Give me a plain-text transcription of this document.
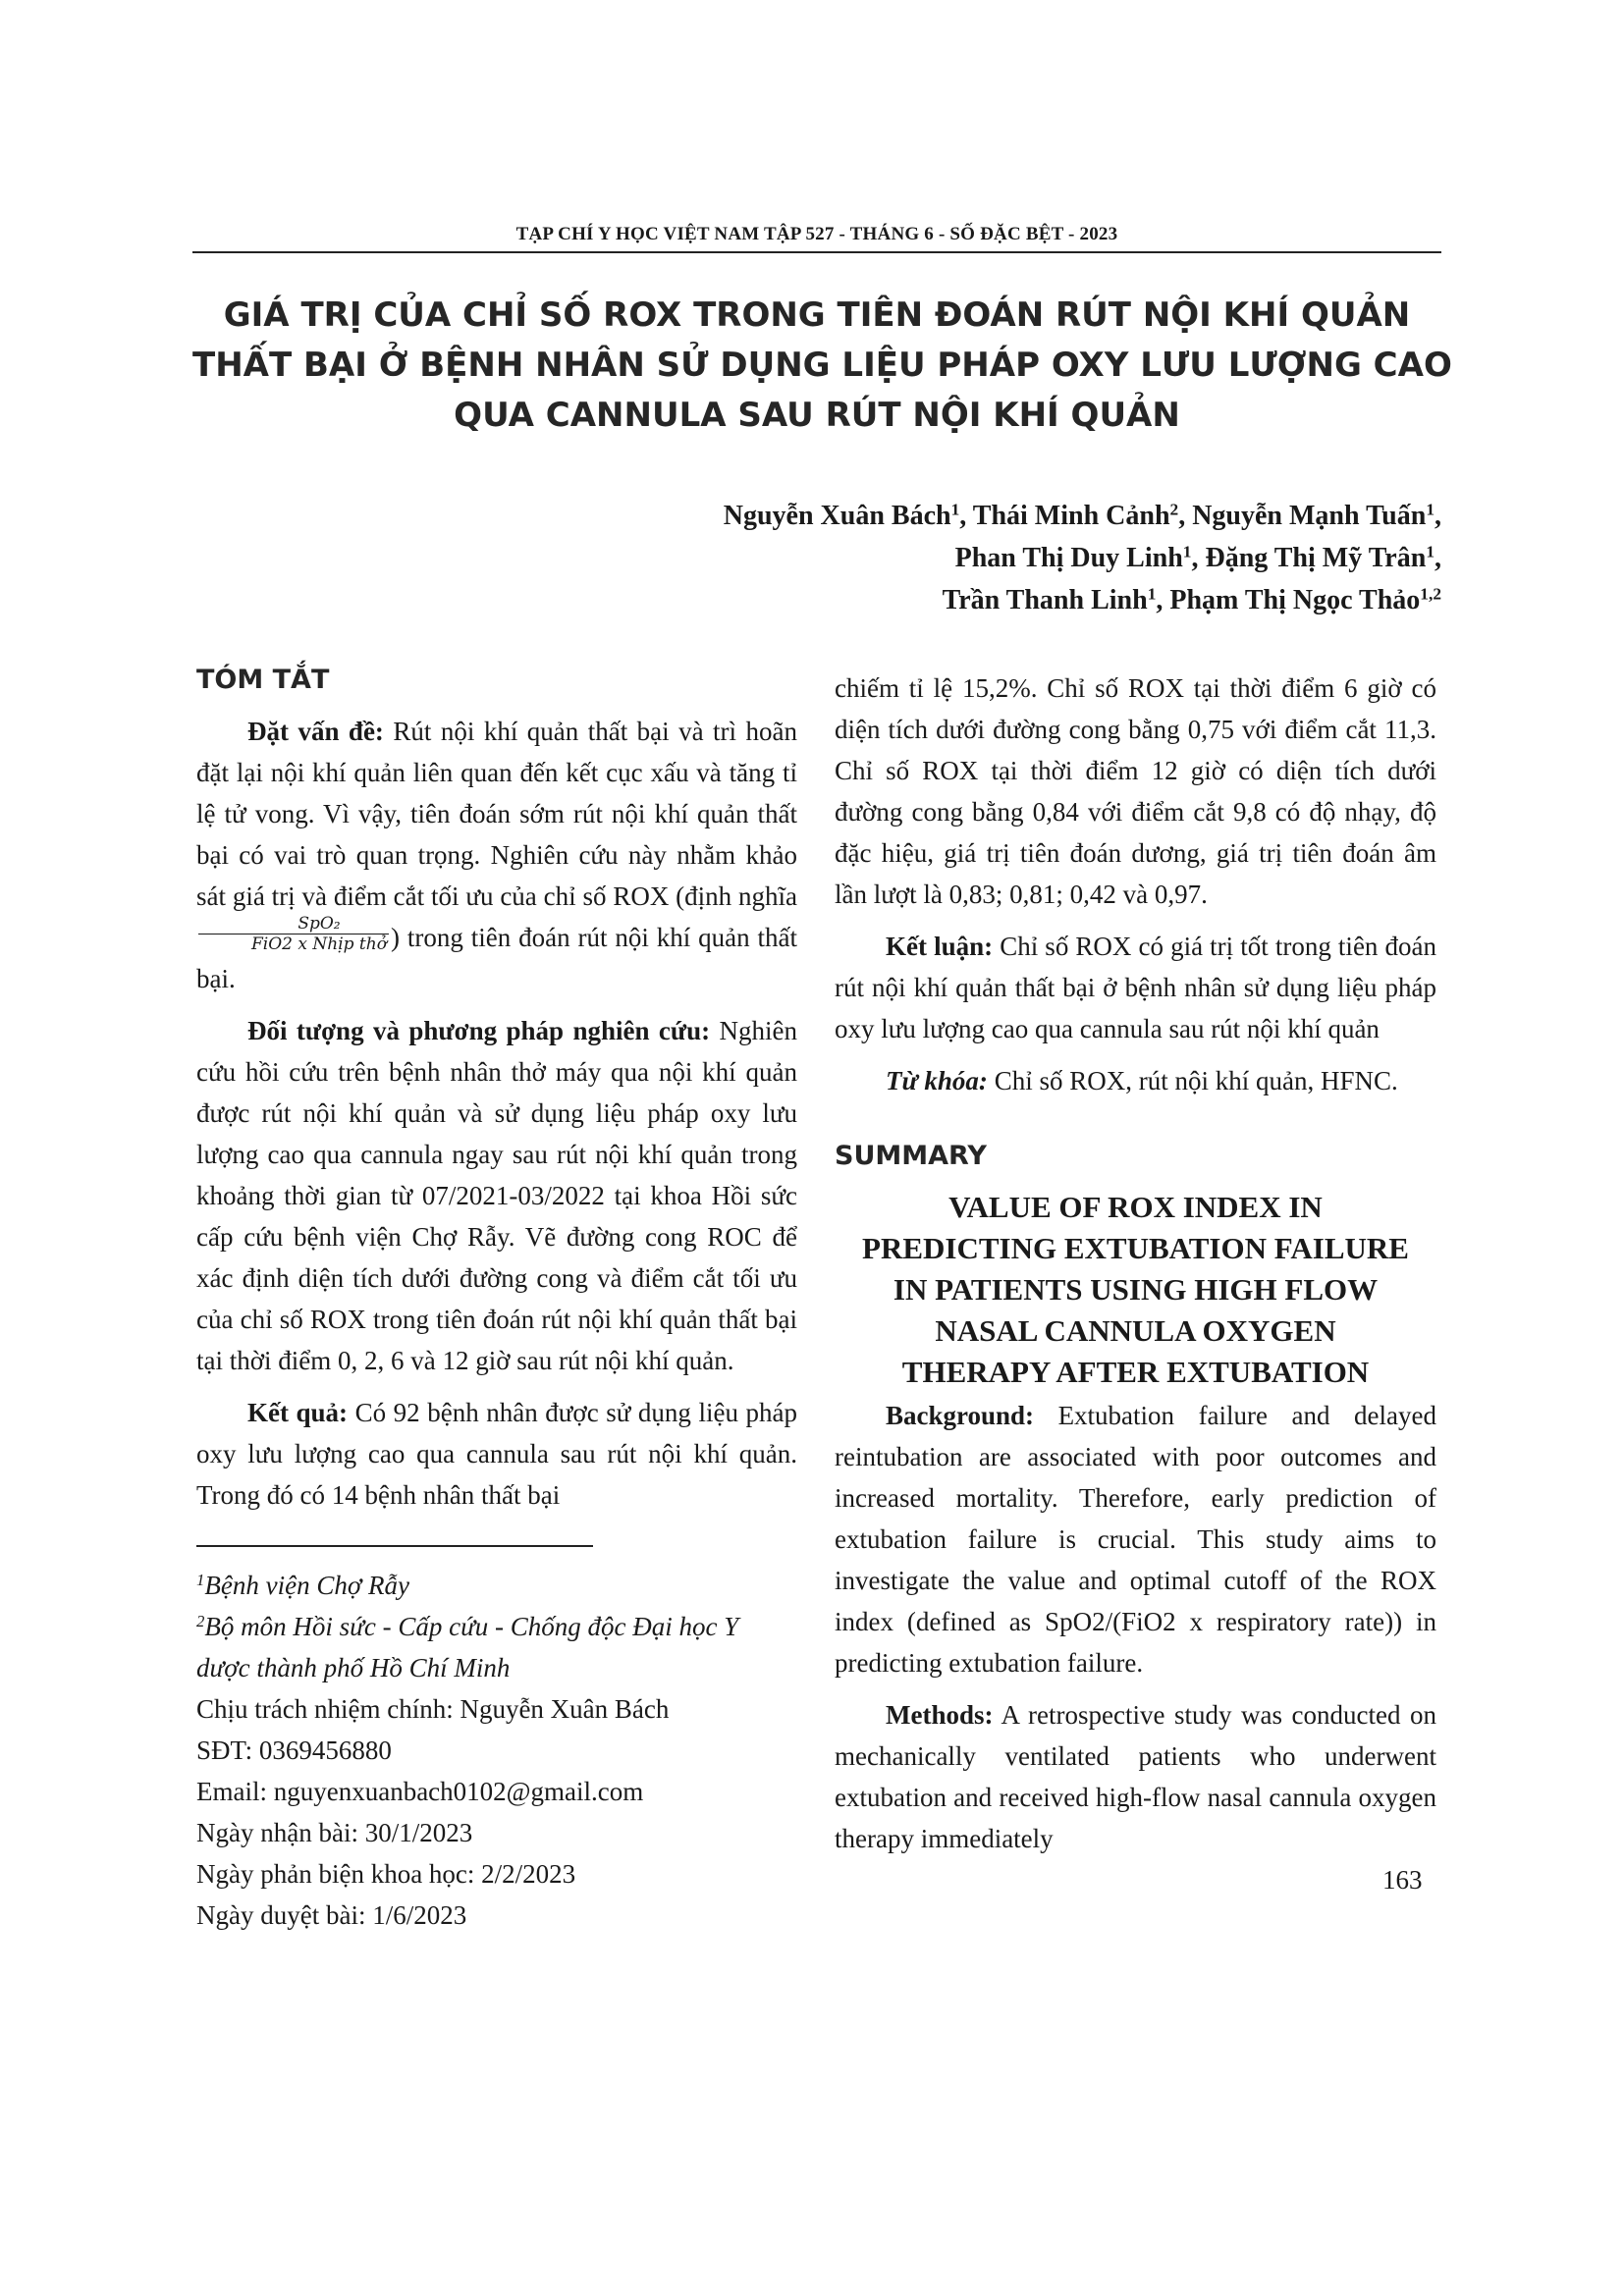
TẠP CHÍ Y HỌC VIỆT NAM TẬP 527 - THÁNG 6 - SỐ ĐẶC BỆT - 2023
GIÁ TRỊ CỦA CHỈ SỐ ROX TRONG TIÊN ĐOÁN RÚT NỘI KHÍ QUẢN
THẤT BẠI Ở BỆNH NHÂN SỬ DỤNG LIỆU PHÁP OXY LƯU LƯỢNG CAO
QUA CANNULA SAU RÚT NỘI KHÍ QUẢN
Nguyễn Xuân Bách$^1$, Thái Minh Cảnh$^2$, Nguyễn Mạnh Tuấn$^1$,
Phan Thị Duy Linh$^1$, Đặng Thị Mỹ Trân$^1$,
Trần Thanh Linh$^1$, Phạm Thị Ngọc Thảo$^{1,2}$
TÓM TẮT

Đặt vấn đề: Rút nội khí quản thất bại và trì hoãn đặt lại nội khí quản liên quan đến kết cục xấu và tăng tỉ lệ tử vong. Vì vậy, tiên đoán sớm rút nội khí quản thất bại có vai trò quan trọng. Nghiên cứu này nhằm khảo sát giá trị và điểm cắt tối ưu của chỉ số ROX (định nghĩa
$\frac{\text{SpO₂}}{\text{FiO2 x Nhịp thở}}$ ) trong tiên đoán rút nội khí quản thất bại.

Đối tượng và phương pháp nghiên cứu: Nghiên cứu hồi cứu trên bệnh nhân thở máy qua nội khí quản được rút nội khí quản và sử dụng liệu pháp oxy lưu lượng cao qua cannula ngay sau rút nội khí quản trong khoảng thời gian từ 07/2021-03/2022 tại khoa Hồi sức cấp cứu bệnh viện Chợ Rẫy. Vẽ đường cong ROC để xác định diện tích dưới đường cong và điểm cắt tối ưu của chỉ số ROX trong tiên đoán rút nội khí quản thất bại tại thời điểm 0, 2, 6 và 12 giờ sau rút nội khí quản.

Kết quả: Có 92 bệnh nhân được sử dụng liệu pháp oxy lưu lượng cao qua cannula sau rút nội khí quản. Trong đó có 14 bệnh nhân thất bại

$^1$Bệnh viện Chợ Rẫy

$^2$Bộ môn Hồi sức - Cấp cứu - Chống độc Đại học Y dược thành phố Hồ Chí Minh

Chịu trách nhiệm chính: Nguyễn Xuân Bách

SĐT: 0369456880

Email: nguyenxuanbach0102@gmail.com

Ngày nhận bài: 30/1/2023

Ngày phản biện khoa học: 2/2/2023

Ngày duyệt bài: 1/6/2023

chiếm tỉ lệ 15,2%. Chỉ số ROX tại thời điểm 6 giờ có diện tích dưới đường cong bằng 0,75 với điểm cắt 11,3. Chỉ số ROX tại thời điểm 12 giờ có diện tích dưới đường cong bằng 0,84 với điểm cắt 9,8 có độ nhạy, độ đặc hiệu, giá trị tiên đoán dương, giá trị tiên đoán âm lần lượt là 0,83; 0,81; 0,42 và 0,97.

Kết luận: Chỉ số ROX có giá trị tốt trong tiên đoán rút nội khí quản thất bại ở bệnh nhân sử dụng liệu pháp oxy lưu lượng cao qua cannula sau rút nội khí quản

Từ khóa: Chỉ số ROX, rút nội khí quản, HFNC.

SUMMARY
VALUE OF ROX INDEX IN
PREDICTING EXTUBATION FAILURE
IN PATIENTS USING HIGH FLOW
NASAL CANNULA OXYGEN
THERAPY AFTER EXTUBATION

Background: Extubation failure and delayed reintubation are associated with poor outcomes and increased mortality. Therefore, early prediction of extubation failure is crucial. This study aims to investigate the value and optimal cutoff of the ROX index (defined as SpO2/(FiO2 x respiratory rate)) in predicting extubation failure.

Methods: A retrospective study was conducted on mechanically ventilated patients who underwent extubation and received high-flow nasal cannula oxygen therapy immediately

163
